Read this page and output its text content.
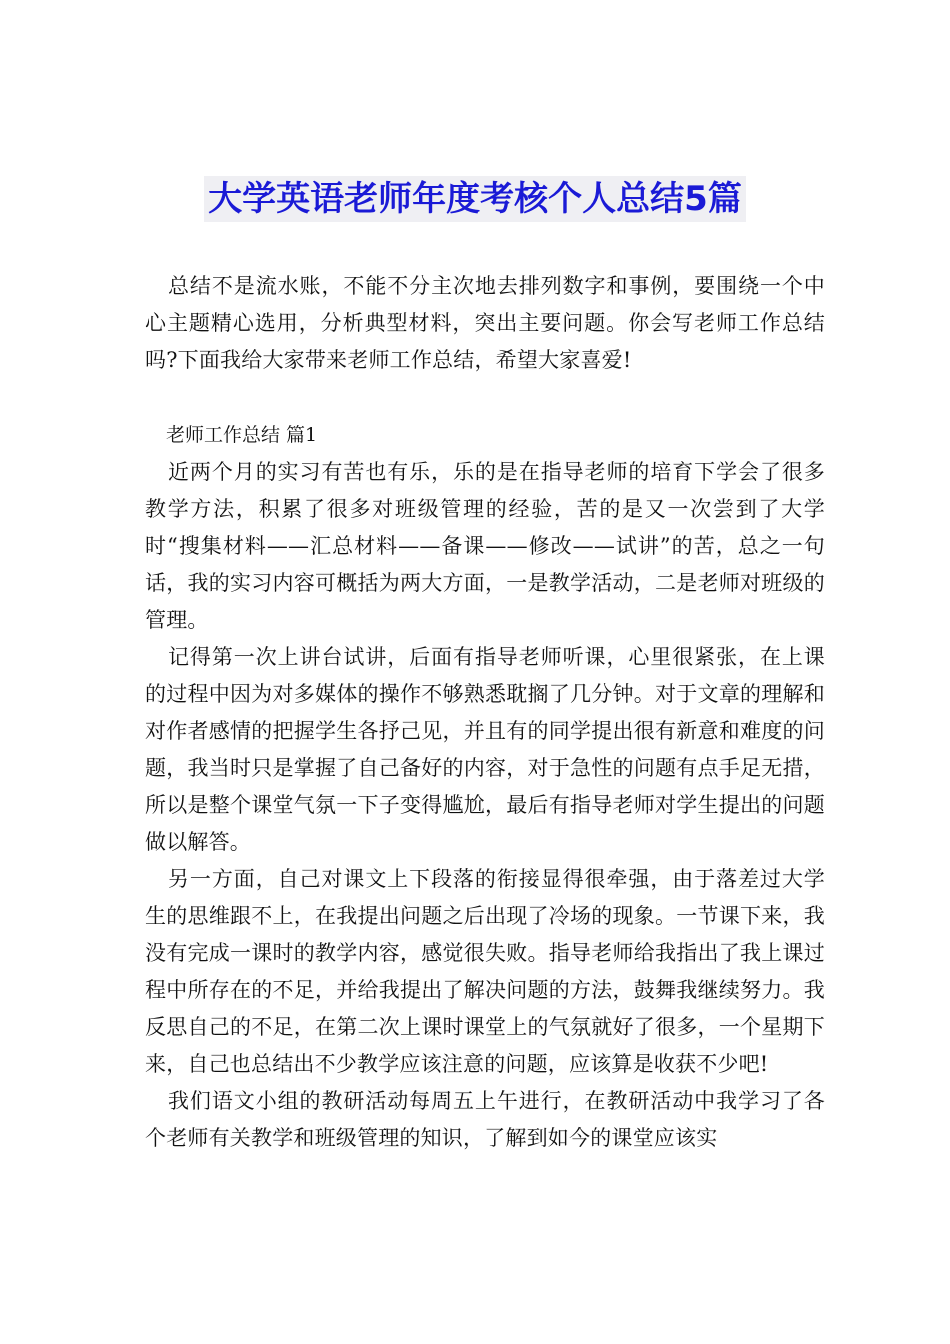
大学英语老师年度考核个人总结5篇

总结不是流水账，不能不分主次地去排列数字和事例，要围绕一个中心主题精心选用，分析典型材料，突出主要问题。你会写老师工作总结吗?下面我给大家带来老师工作总结，希望大家喜爱!

老师工作总结 篇1

近两个月的实习有苦也有乐，乐的是在指导老师的培育下学会了很多教学方法，积累了很多对班级管理的经验，苦的是又一次尝到了大学时“搜集材料——汇总材料——备课——修改——试讲”的苦，总之一句话，我的实习内容可概括为两大方面，一是教学活动，二是老师对班级的管理。

记得第一次上讲台试讲，后面有指导老师听课，心里很紧张，在上课的过程中因为对多媒体的操作不够熟悉耽搁了几分钟。对于文章的理解和对作者感情的把握学生各抒己见，并且有的同学提出很有新意和难度的问题，我当时只是掌握了自己备好的内容，对于急性的问题有点手足无措，所以是整个课堂气氛一下子变得尴尬，最后有指导老师对学生提出的问题做以解答。

另一方面，自己对课文上下段落的衔接显得很牵强，由于落差过大学生的思维跟不上，在我提出问题之后出现了冷场的现象。一节课下来，我没有完成一课时的教学内容，感觉很失败。指导老师给我指出了我上课过程中所存在的不足，并给我提出了解决问题的方法，鼓舞我继续努力。我反思自己的不足，在第二次上课时课堂上的气氛就好了很多，一个星期下来，自己也总结出不少教学应该注意的问题，应该算是收获不少吧!

我们语文小组的教研活动每周五上午进行，在教研活动中我学习了各个老师有关教学和班级管理的知识，了解到如今的课堂应该实
